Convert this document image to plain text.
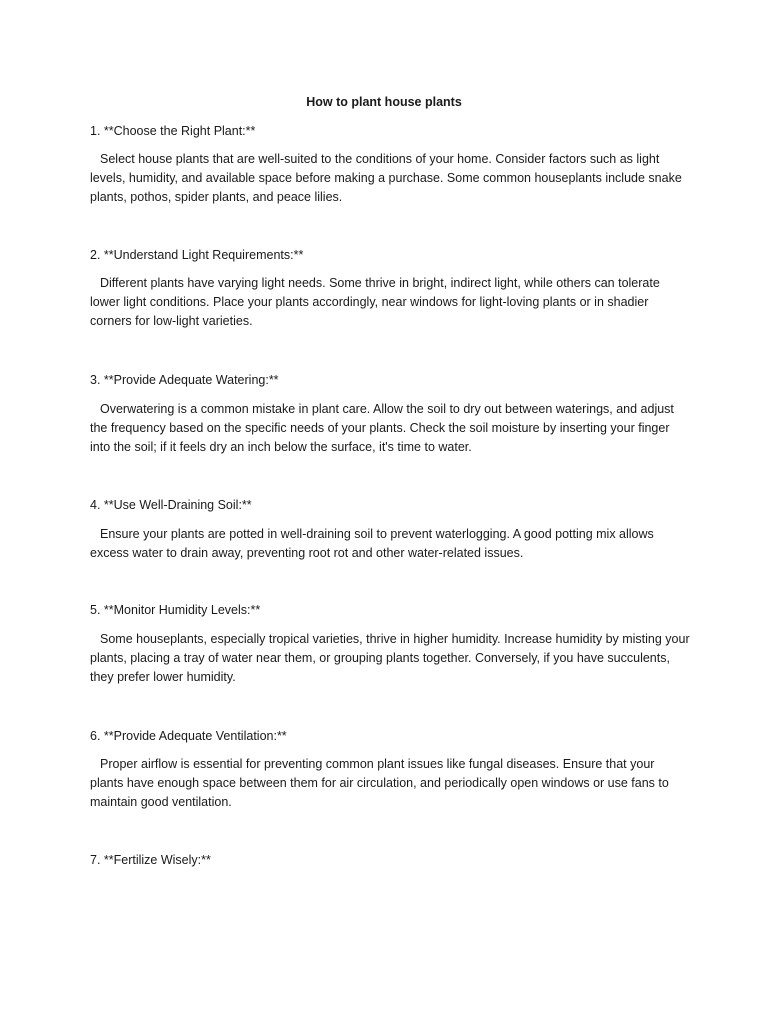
How to plant house plants
1. **Choose the Right Plant:**
Select house plants that are well-suited to the conditions of your home. Consider factors such as light levels, humidity, and available space before making a purchase. Some common houseplants include snake plants, pothos, spider plants, and peace lilies.
2. **Understand Light Requirements:**
Different plants have varying light needs. Some thrive in bright, indirect light, while others can tolerate lower light conditions. Place your plants accordingly, near windows for light-loving plants or in shadier corners for low-light varieties.
3. **Provide Adequate Watering:**
Overwatering is a common mistake in plant care. Allow the soil to dry out between waterings, and adjust the frequency based on the specific needs of your plants. Check the soil moisture by inserting your finger into the soil; if it feels dry an inch below the surface, it's time to water.
4. **Use Well-Draining Soil:**
Ensure your plants are potted in well-draining soil to prevent waterlogging. A good potting mix allows excess water to drain away, preventing root rot and other water-related issues.
5. **Monitor Humidity Levels:**
Some houseplants, especially tropical varieties, thrive in higher humidity. Increase humidity by misting your plants, placing a tray of water near them, or grouping plants together. Conversely, if you have succulents, they prefer lower humidity.
6. **Provide Adequate Ventilation:**
Proper airflow is essential for preventing common plant issues like fungal diseases. Ensure that your plants have enough space between them for air circulation, and periodically open windows or use fans to maintain good ventilation.
7. **Fertilize Wisely:**
